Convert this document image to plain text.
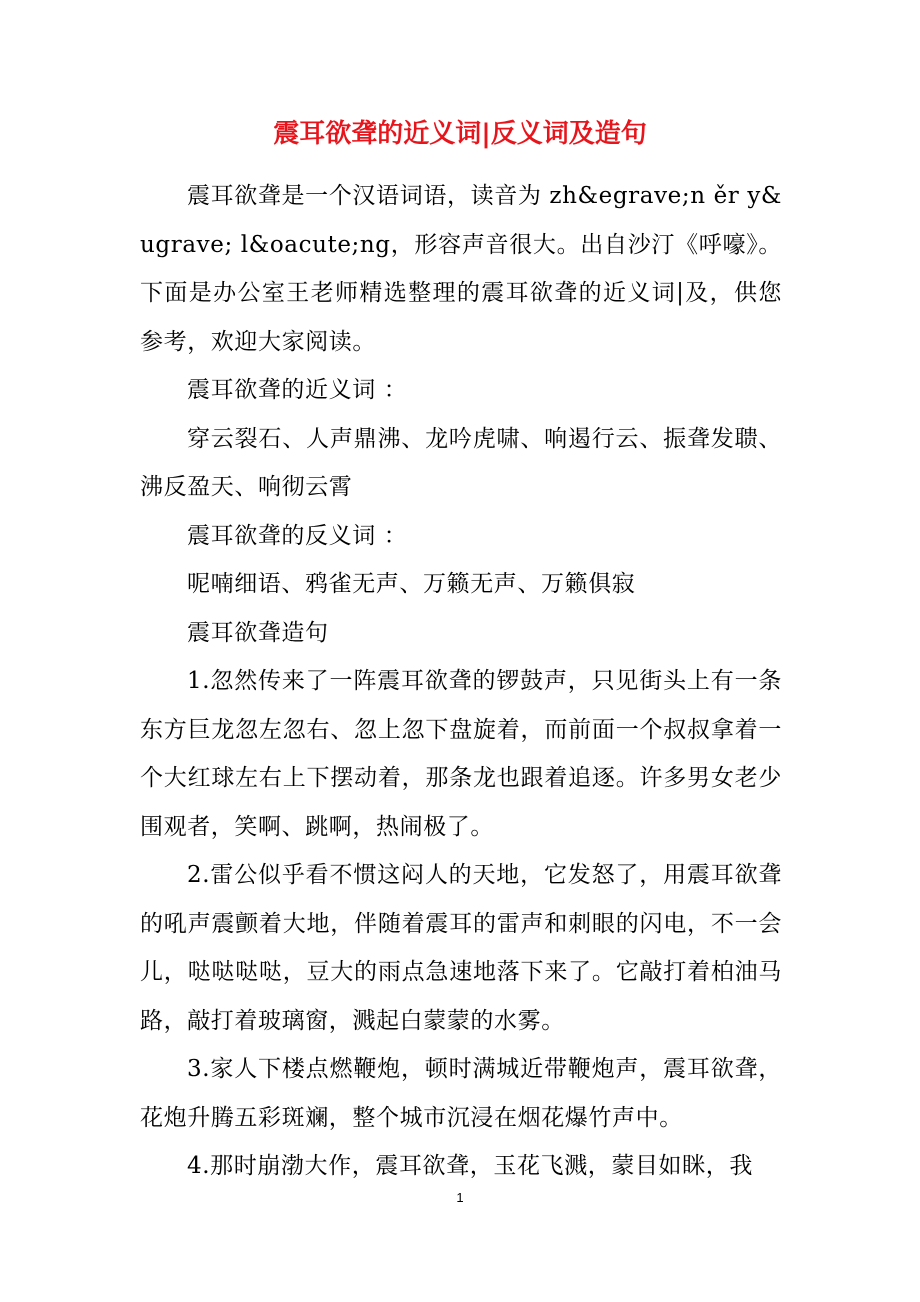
震耳欲聋的近义词|反义词及造句

震耳欲聋是一个汉语词语，读音为 zh&egrave;n ěr y&ugrave; l&oacute;ng，形容声音很大。出自沙汀《呼嚎》。下面是办公室王老师精选整理的震耳欲聋的近义词|及，供您参考，欢迎大家阅读。

震耳欲聋的近义词 ：

穿云裂石、人声鼎沸、龙吟虎啸、响遏行云、振聋发聩、沸反盈天、响彻云霄

震耳欲聋的反义词 ：

呢喃细语、鸦雀无声、万籁无声、万籁俱寂

震耳欲聋造句

1.忽然传来了一阵震耳欲聋的锣鼓声，只见街头上有一条东方巨龙忽左忽右、忽上忽下盘旋着，而前面一个叔叔拿着一个大红球左右上下摆动着，那条龙也跟着追逐。许多男女老少围观者，笑啊、跳啊，热闹极了。

2.雷公似乎看不惯这闷人的天地，它发怒了，用震耳欲聋的吼声震颤着大地，伴随着震耳的雷声和刺眼的闪电，不一会儿，哒哒哒哒，豆大的雨点急速地落下来了。它敲打着柏油马路，敲打着玻璃窗，溅起白蒙蒙的水雾。

3.家人下楼点燃鞭炮，顿时满城近带鞭炮声，震耳欲聋，花炮升腾五彩斑斓，整个城市沉浸在烟花爆竹声中。

4.那时崩渤大作，震耳欲聋，玉花飞溅，蒙目如眯，我

1
